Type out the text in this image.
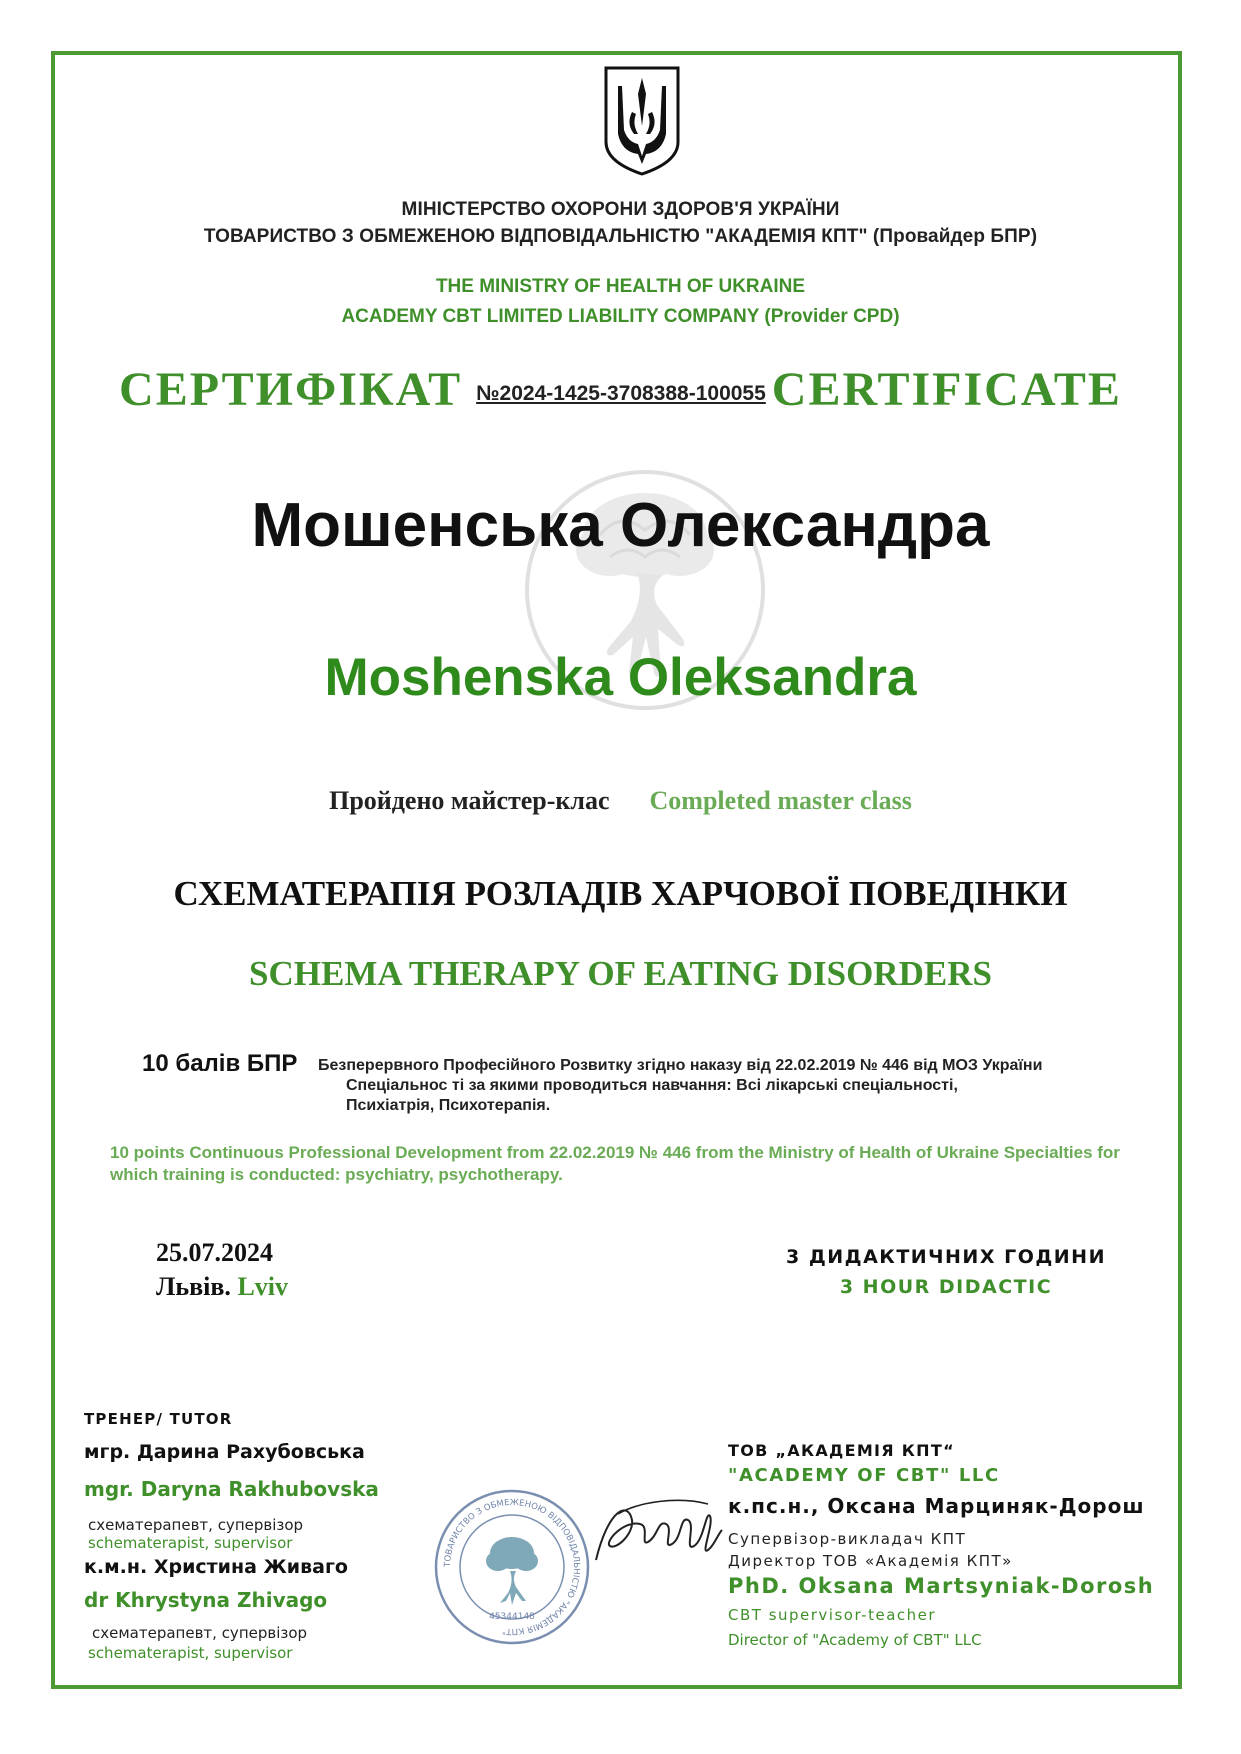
МІНІСТЕРСТВО ОХОРОНИ ЗДОРОВ'Я УКРАЇНИ
ТОВАРИСТВО З ОБМЕЖЕНОЮ ВІДПОВІДАЛЬНІСТЮ "АКАДЕМІЯ КПТ" (Провайдер БПР)
THE MINISTRY OF HEALTH OF UKRAINE
ACADEMY CBT LIMITED LIABILITY COMPANY (Provider CPD)
СЕРТИФІКАТ №2024-1425-3708388-100055 CERTIFICATE
Мошенська Олександра
Moshenska Oleksandra
Пройдено майстер-клас Completed master class
СХЕМАТЕРАПІЯ РОЗЛАДІВ ХАРЧОВОЇ ПОВЕДІНКИ
SCHEMA THERAPY OF EATING DISORDERS
10 балів БПР Безперервного Професійного Розвитку згідно наказу від 22.02.2019 № 446 від МОЗ України
Спеціальнос ті за якими проводиться навчання: Всі лікарські спеціальності,
Психіатрія, Психотерапія.
10 points Continuous Professional Development from 22.02.2019 № 446 from the Ministry of Health of Ukraine Specialties for
which training is conducted: psychiatry, psychotherapy.
25.07.2024
Львів. Lviv
3 ДИДАКТИЧНИХ ГОДИНИ
3 HOUR DIDACTIC
ТРЕНЕР/ TUTOR
мгр. Дарина Рахубовська
mgr. Daryna Rakhubovska
схематерапевт, супервізор
schematerapist, supervisor
к.м.н. Христина Живаго
dr Khrystyna Zhivago
схематерапевт, супервізор
schematerapist, supervisor
ТОВАРИСТВО З ОБМЕЖЕНОЮ ВІДПОВІДАЛЬНІСТЮ "АКАДЕМІЯ КПТ"
45344148
ТОВ „АКАДЕМІЯ КПТ“
"ACADEMY OF CBT" LLC
к.пс.н., Оксана Марциняк-Дорош
Супервізор-викладач КПТ
Директор ТОВ «Академія КПТ»
PhD. Oksana Martsyniak-Dorosh
CBT supervisor-teacher
Director of "Academy of CBT" LLC
